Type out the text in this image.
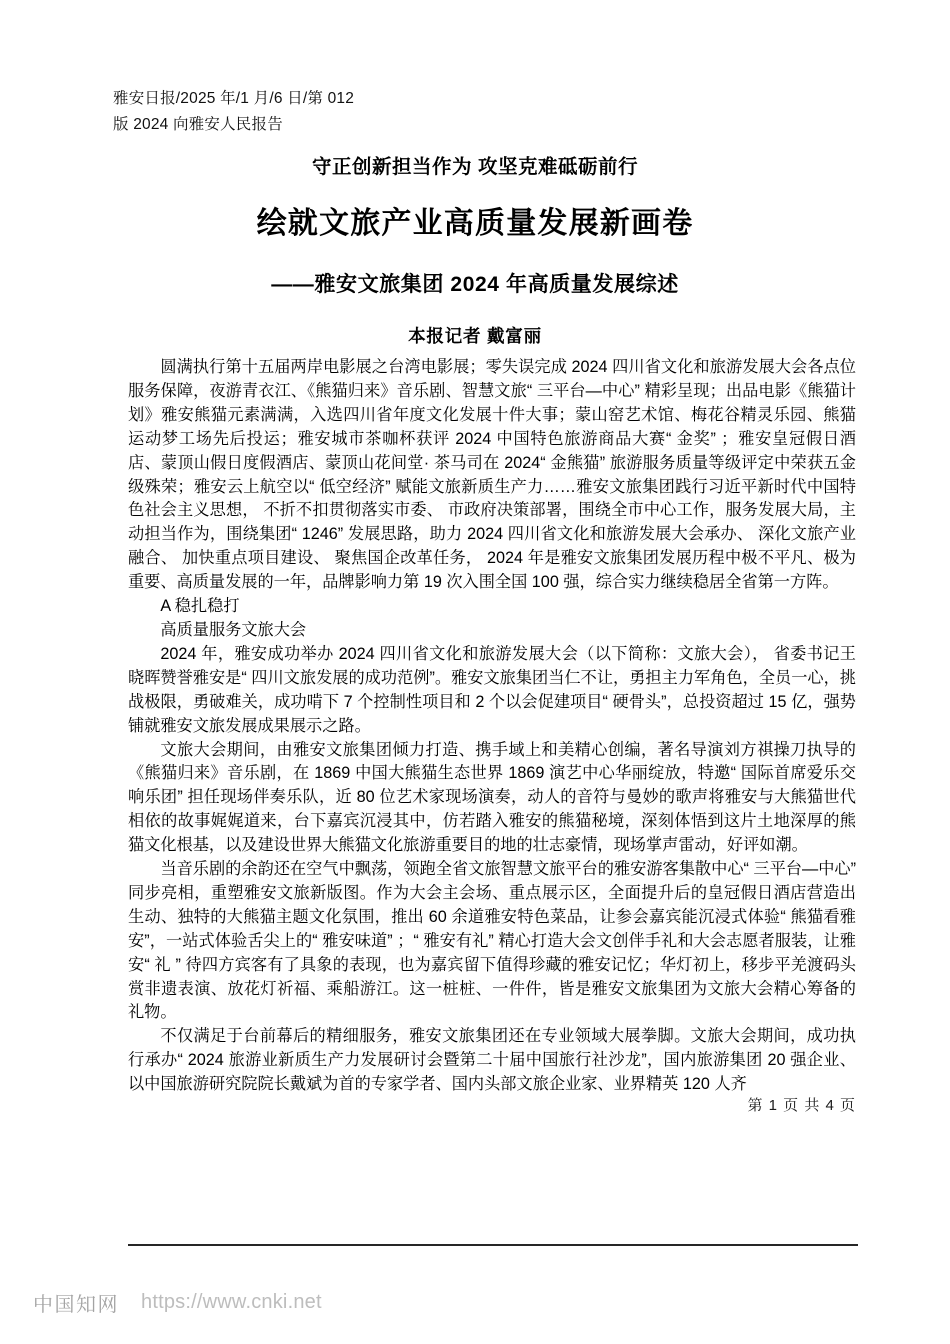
雅安日报/2025 年/1 月/6 日/第 012
版 2024 向雅安人民报告
守正创新担当作为 攻坚克难砥砺前行
绘就文旅产业高质量发展新画卷
——雅安文旅集团 2024 年高质量发展综述
本报记者 戴富丽

圆满执行第十五届两岸电影展之台湾电影展；零失误完成 2024 四川省文化和旅游发展大会各点位服务保障，夜游青衣江、《熊猫归来》音乐剧、智慧文旅“ 三平台—中心” 精彩呈现；出品电影《熊猫计划》雅安熊猫元素满满，入选四川省年度文化发展十件大事；蒙山窑艺术馆、梅花谷精灵乐园、熊猫运动梦工场先后投运；雅安城市茶咖杯获评 2024 中国特色旅游商品大赛“ 金奖” ；雅安皇冠假日酒店、蒙顶山假日度假酒店、蒙顶山花间堂· 茶马司在 2024“ 金熊猫” 旅游服务质量等级评定中荣获五金级殊荣；雅安云上航空以“ 低空经济” 赋能文旅新质生产力……雅安文旅集团践行习近平新时代中国特色社会主义思想， 不折不扣贯彻落实市委、 市政府决策部署，围绕全市中心工作，服务发展大局，主动担当作为，围绕集团“ 1246” 发展思路，助力 2024 四川省文化和旅游发展大会承办、 深化文旅产业融合、 加快重点项目建设、 聚焦国企改革任务， 2024 年是雅安文旅集团发展历程中极不平凡、极为重要、高质量发展的一年，品牌影响力第 19 次入围全国 100 强，综合实力继续稳居全省第一方阵。

A 稳扎稳打

高质量服务文旅大会

2024 年，雅安成功举办 2024 四川省文化和旅游发展大会（以下简称：文旅大会）， 省委书记王晓晖赞誉雅安是“ 四川文旅发展的成功范例”。雅安文旅集团当仁不让，勇担主力军角色，全员一心，挑战极限，勇破难关，成功啃下 7 个控制性项目和 2 个以会促建项目“ 硬骨头”，总投资超过 15 亿，强势铺就雅安文旅发展成果展示之路。

文旅大会期间，由雅安文旅集团倾力打造、携手域上和美精心创编，著名导演刘方祺操刀执导的《熊猫归来》音乐剧，在 1869 中国大熊猫生态世界 1869 演艺中心华丽绽放，特邀“ 国际首席爱乐交响乐团” 担任现场伴奏乐队，近 80 位艺术家现场演奏，动人的音符与曼妙的歌声将雅安与大熊猫世代相依的故事娓娓道来，台下嘉宾沉浸其中，仿若踏入雅安的熊猫秘境，深刻体悟到这片土地深厚的熊猫文化根基，以及建设世界大熊猫文化旅游重要目的地的壮志豪情，现场掌声雷动，好评如潮。

当音乐剧的余韵还在空气中飘荡，领跑全省文旅智慧文旅平台的雅安游客集散中心“ 三平台—中心” 同步亮相，重塑雅安文旅新版图。作为大会主会场、重点展示区，全面提升后的皇冠假日酒店营造出生动、独特的大熊猫主题文化氛围，推出 60 余道雅安特色菜品，让参会嘉宾能沉浸式体验“ 熊猫看雅安”，一站式体验舌尖上的“ 雅安味道” ；“ 雅安有礼” 精心打造大会文创伴手礼和大会志愿者服装，让雅安“ 礼 ” 待四方宾客有了具象的表现，也为嘉宾留下值得珍藏的雅安记忆；华灯初上，移步平羌渡码头赏非遗表演、放花灯祈福、乘船游江。这一桩桩、一件件，皆是雅安文旅集团为文旅大会精心筹备的礼物。

不仅满足于台前幕后的精细服务，雅安文旅集团还在专业领域大展拳脚。文旅大会期间，成功执行承办“ 2024 旅游业新质生产力发展研讨会暨第二十届中国旅行社沙龙”，国内旅游集团 20 强企业、以中国旅游研究院院长戴斌为首的专家学者、国内头部文旅企业家、业界精英 120 人齐

第 1 页 共 4 页
中国知网 https://www.cnki.net
